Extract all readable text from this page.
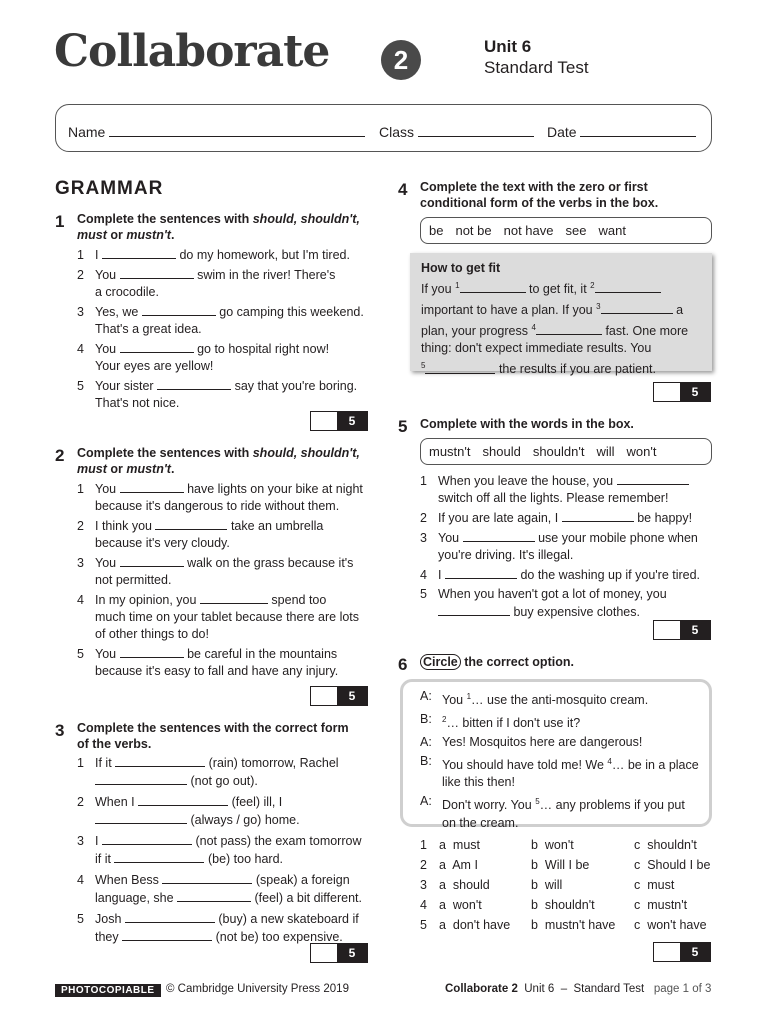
Collaborate	2	Unit 6
Standard Test
Name	Class	Date
GRAMMAR
1 Complete the sentences with should, shouldn't,
must or mustn't.
1 I	do my homework, but I'm tired.
2 You	swim in the river! There's
a crocodile.
3 Yes, we	go camping this weekend.
That's a great idea.
4 You	go to hospital right now!
Your eyes are yellow!
5 Your sister	say that you're boring.
That's not nice.
5
2 Complete the sentences with should, shouldn't,
must or mustn't.
1 You	have lights on your bike at night
because it's dangerous to ride without them.
2 I think you	take an umbrella
because it's very cloudy.
3 You	walk on the grass because it's
not permitted.
4 In my opinion, you	spend too
much time on your tablet because there are lots
of other things to do!
5 You	be careful in the mountains
because it's easy to fall and have any injury.
5
3 Complete the sentences with the correct form
of the verbs.
1 If it	(rain) tomorrow, Rachel
(not go out).
2 When I	(feel) ill, I
(always / go) home.
3 I	(not pass) the exam tomorrow
if it	(be) too hard.
4 When Bess	(speak) a foreign
language, she	(feel) a bit different.
5 Josh	(buy) a new skateboard if
they	(not be) too expensive.
5
4 Complete the text with the zero or first
conditional form of the verbs in the box.
be not be not have see want
How to get fit
If you $^1$	to get fit, it $^2$
important to have a plan. If you $^3$	a
plan, your progress $^4$	fast. One more
thing: don't expect immediate results. You
$^5$	the results if you are patient.
5
5 Complete with the words in the box.
mustn't should shouldn't will won't
1 When you leave the house, you
switch off all the lights. Please remember!
2 If you are late again, I	be happy!
3 You	use your mobile phone when
you're driving. It's illegal.
4 I	do the washing up if you're tired.
5 When you haven't got a lot of money, you
buy expensive clothes.
5
6 Circle the correct option.
A: You $^1$… use the anti-mosquito cream.
B:	$^2$… bitten if I don't use it?
A: Yes! Mosquitos here are dangerous!
B: You should have told me! We $^4$… be in a place
like this then!
A: Don't worry. You $^5$… any problems if you put
on the cream.
1 a must	b won't	c shouldn't
2 a Am I	b Will I be	c Should I be
3 a should	b will	c must
4 a won't	b shouldn't	c mustn't
5 a don't have b mustn't have c won't have
5
PHOTOCOPIABLE © Cambridge University Press 2019	Collaborate 2 Unit 6 – Standard Test page 1 of 3
